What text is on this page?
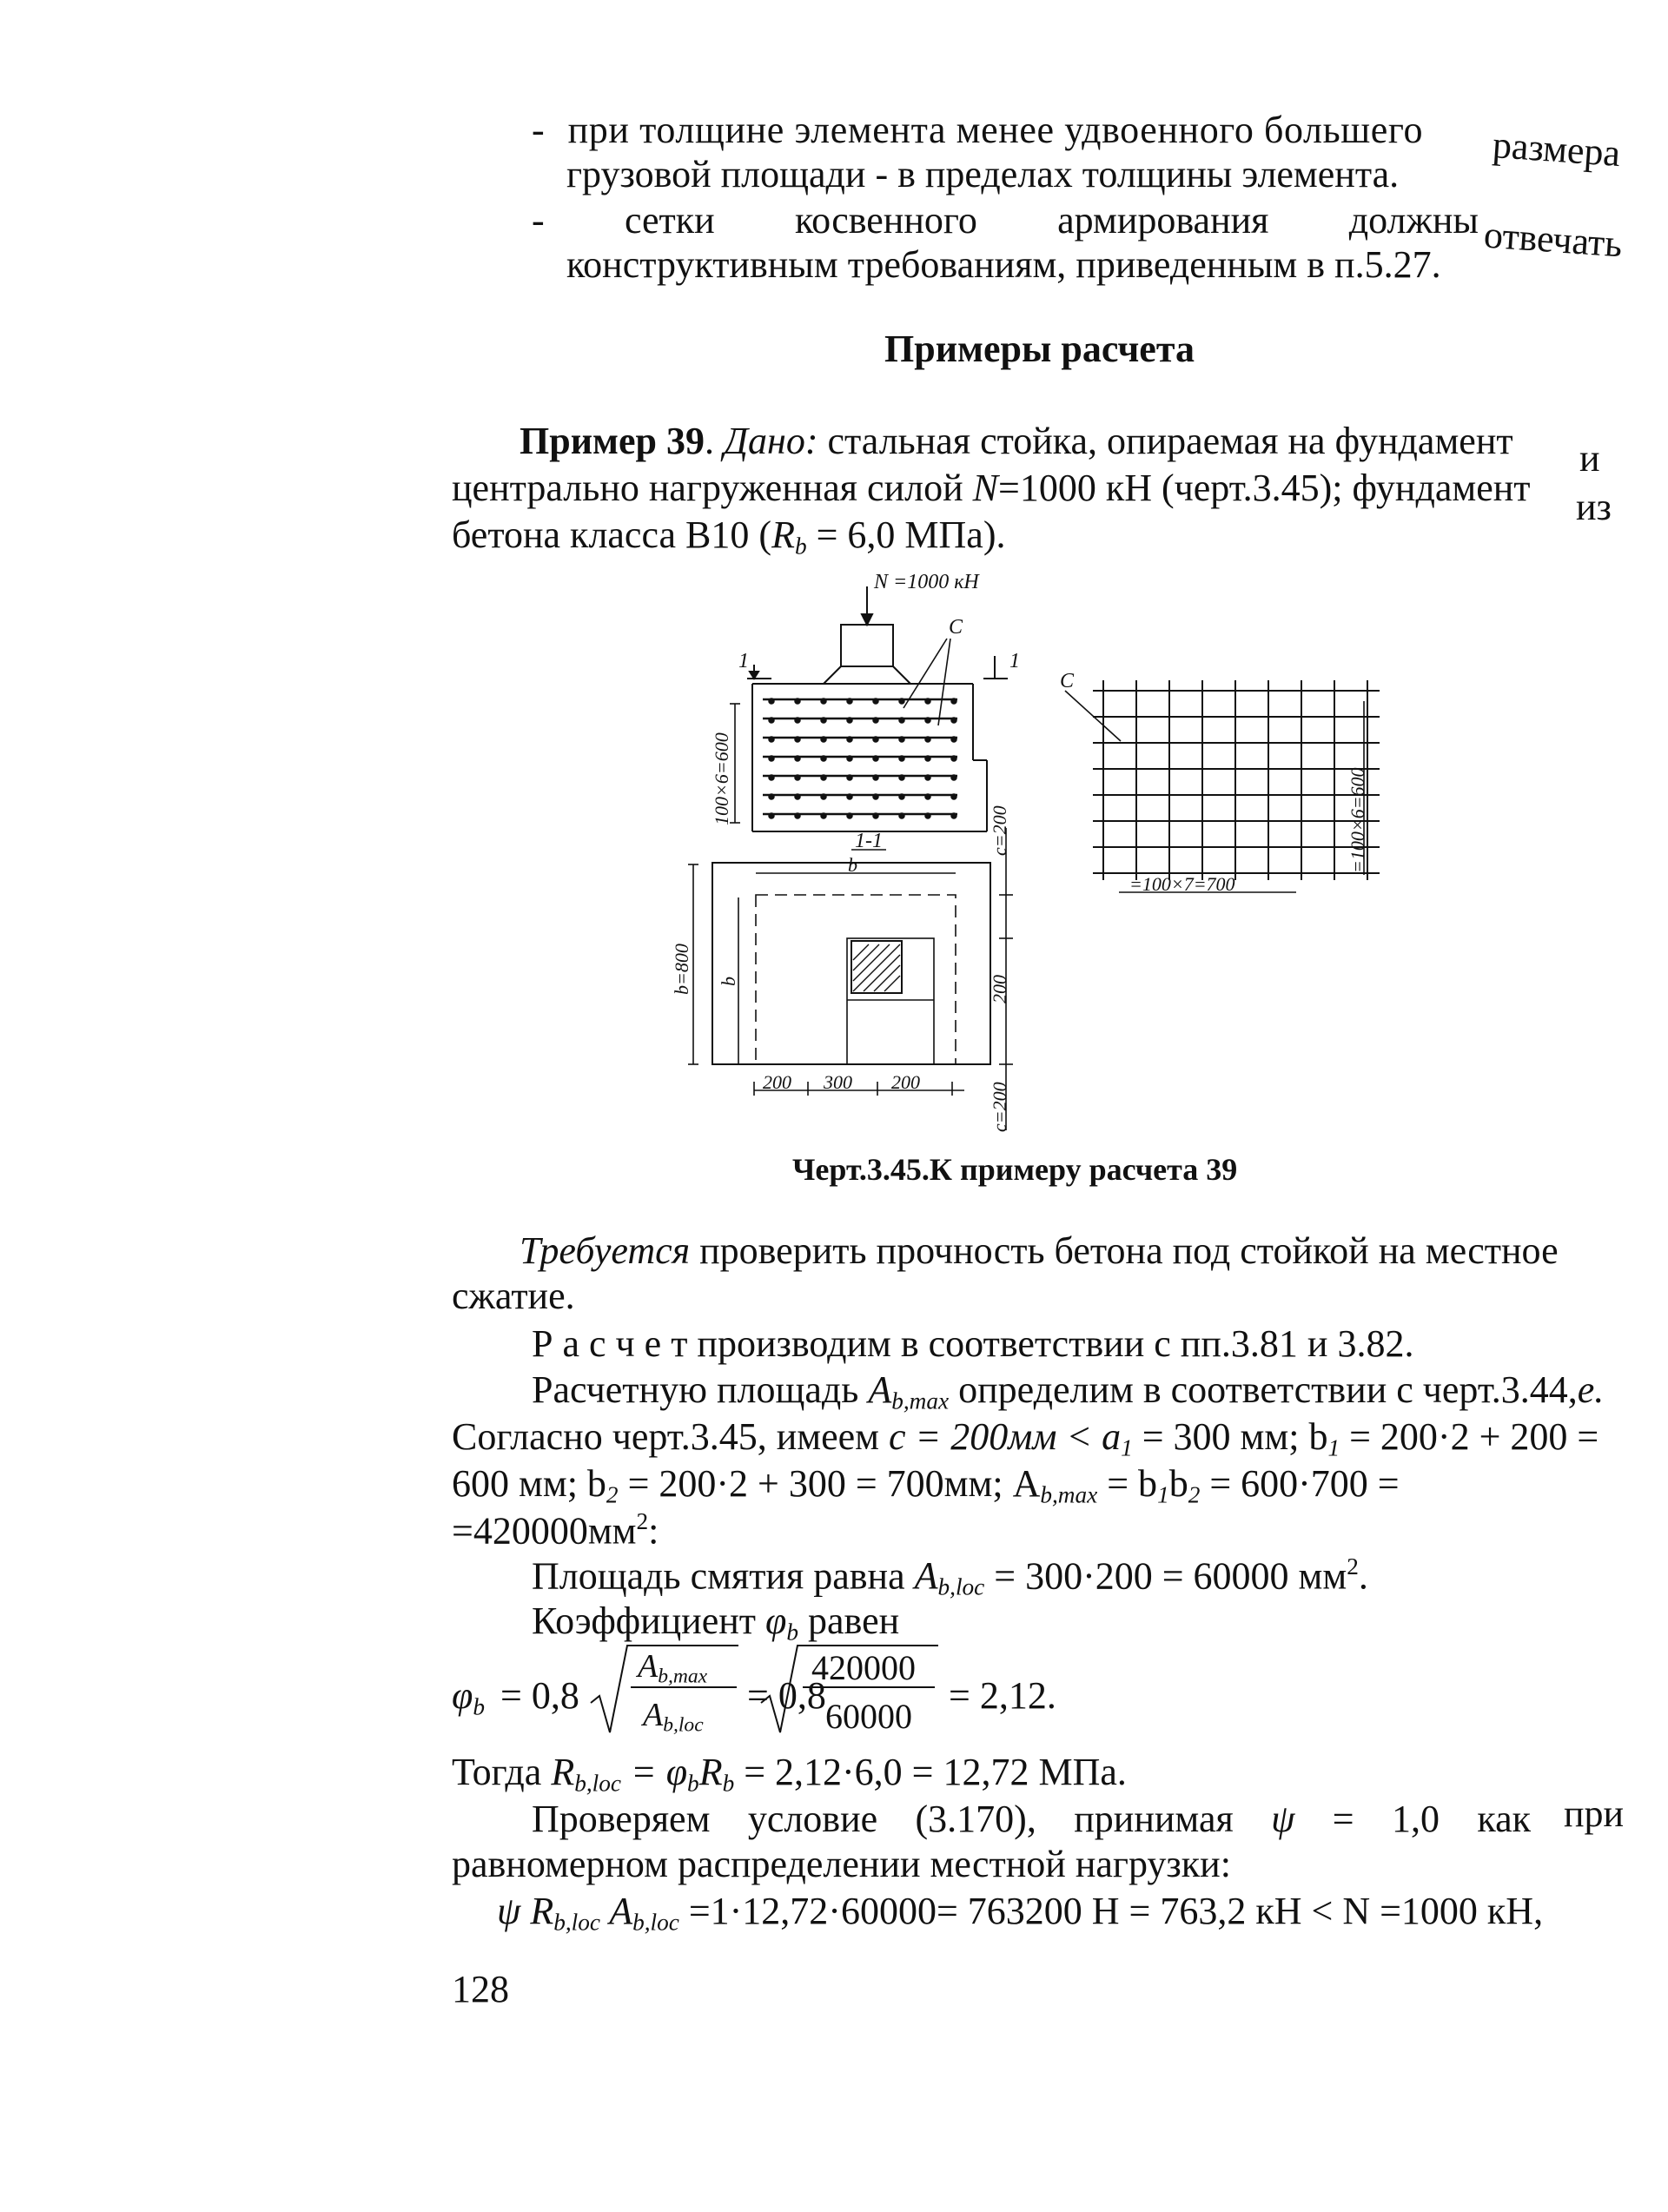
- при толщине элемента менее удвоенного большего размера
грузовой площади - в пределах толщины элемента.
- сетки косвенного армирования должны отвечать
конструктивным требованиям, приведенным в п.5.27.
Примеры расчета
Пример 39. Дано: стальная стойка, опираемая на фундамент и
центрально нагруженная силой N=1000 кН (черт.3.45); фундамент из
бетона класса B10 ($R_b = 6,0$ МПа).
N =1000 кН
C
1	1
1-1
C
100×6=600
c=200
200
c=200
b=800 b
b
200 300 200
=100×7=700
=100×6=600
Черт.3.45.К примеру расчета 39
Требуется проверить прочность бетона под стойкой на местное
сжатие.
Р а с ч е т производим в соответствии с пп.3.81 и 3.82.
Расчетную площадь $A_{b,max}$ определим в соответствии с черт.3.44,е.
Согласно черт.3.45, имеем $c = 200мм < a_1 = 300$ мм; $b_1 = 200\cdot 2 + 200$ =
600 мм; $b_2 = 200\cdot 2 + 300 = 700мм$; $A_{b,max} = b_1b_2 = 600\cdot 700$ =
$=420000мм^2$:
Площадь смятия равна $A_{b,loc} = 300\cdot 200 = 60000$ $мм^2$.
Коэффициент $\varphi_b$ равен
$\varphi_b = 0,8$
$A_{b,max}$
$A_{b,loc}$
= 0,8
420000
60000 = 2,12.
Тогда $R_{b,loc} = \varphi_bR_b = 2,12\cdot 6,0 = 12,72$ МПа.
Проверяем условие (3.170), принимая ψ = 1,0 как при
равномерном распределении местной нагрузки:
ψ $R_{b,loc}$ $A_{b,loc} =1\cdot 12,72\cdot 60000= 763200$ Н = 763,2 кН < N =1000 кН,
128
